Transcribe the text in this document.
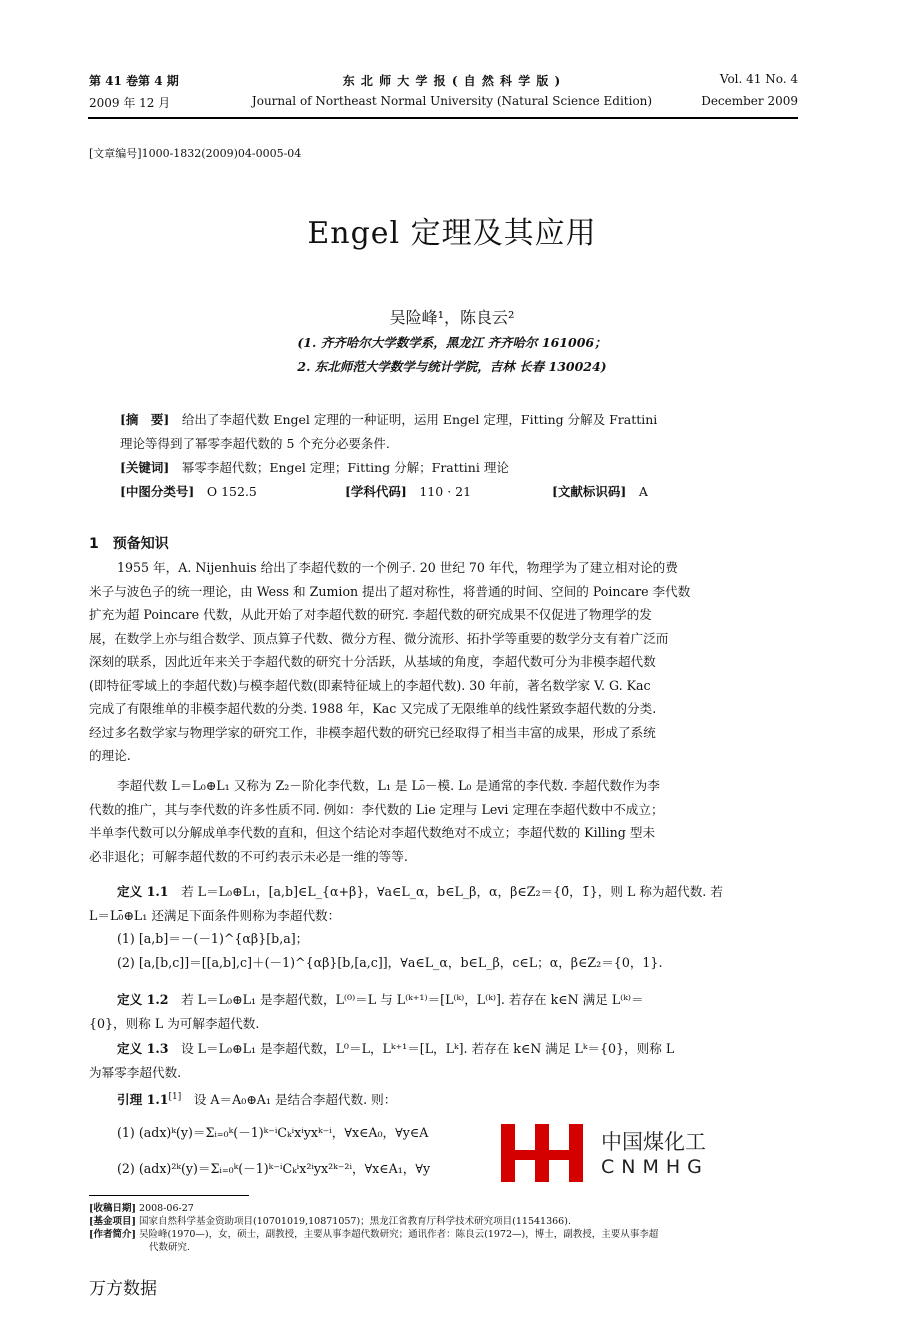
第 41 卷第 4 期	东 北 师 大 学 报 ( 自 然 科 学 版 )	Vol. 41 No. 4
2009 年 12 月	Journal of Northeast Normal University (Natural Science Edition)	December 2009
[文章编号]1000-1832(2009)04-0005-04
Engel 定理及其应用
吴险峰¹，陈良云²
(1. 齐齐哈尔大学数学系，黑龙江 齐齐哈尔 161006；
2. 东北师范大学数学与统计学院，吉林 长春 130024)
[摘　要]　 给出了李超代数 Engel 定理的一种证明，运用 Engel 定理，Fitting 分解及 Frattini
理论等得到了幂零李超代数的 5 个充分必要条件.
[关键词]　 幂零李超代数；Engel 定理；Fitting 分解；Frattini 理论
[中图分类号]　 O 152.5	[学科代码]　 110 · 21	[文献标识码]　 A
1　预备知识
1955 年，A. Nijenhuis 给出了李超代数的一个例子. 20 世纪 70 年代，物理学为了建立相对论的费
米子与波色子的统一理论，由 Wess 和 Zumion 提出了超对称性，将普通的时间、空间的 Poincare 李代数
扩充为超 Poincare 代数，从此开始了对李超代数的研究. 李超代数的研究成果不仅促进了物理学的发
展，在数学上亦与组合数学、顶点算子代数、微分方程、微分流形、拓扑学等重要的数学分支有着广泛而
深刻的联系，因此近年来关于李超代数的研究十分活跃，从基域的角度，李超代数可分为非模李超代数
(即特征零域上的李超代数)与模李超代数(即素特征域上的李超代数). 30 年前，著名数学家 V. G. Kac
完成了有限维单的非模李超代数的分类. 1988 年，Kac 又完成了无限维单的线性紧致李超代数的分类.
经过多名数学家与物理学家的研究工作，非模李超代数的研究已经取得了相当丰富的成果，形成了系统
的理论.
李超代数 L＝L₀⊕L₁ 又称为 Z₂－阶化李代数，L₁ 是 L₀̄－模. L₀ 是通常的李代数. 李超代数作为李
代数的推广，其与李代数的许多性质不同. 例如：李代数的 Lie 定理与 Levi 定理在李超代数中不成立；
半单李代数可以分解成单李代数的直和，但这个结论对李超代数绝对不成立；李超代数的 Killing 型未
必非退化；可解李超代数的不可约表示未必是一维的等等.
定义 1.1　 若 L＝L₀⊕L₁，[a,b]∈L_{α+β}，∀a∈L_α，b∈L_β，α，β∈Z₂＝{0̄，1̄}，则 L 称为超代数. 若
L＝L₀̄⊕L₁ 还满足下面条件则称为李超代数：
(1) [a,b]＝－(－1)^{αβ}[b,a]；
(2) [a,[b,c]]＝[[a,b],c]＋(－1)^{αβ}[b,[a,c]]，∀a∈L_α，b∈L_β，c∈L；α，β∈Z₂＝{0，1}.
定义 1.2　 若 L＝L₀⊕L₁ 是李超代数，L⁽⁰⁾＝L 与 L⁽ᵏ⁺¹⁾＝[L⁽ᵏ⁾，L⁽ᵏ⁾]. 若存在 k∈N 满足 L⁽ᵏ⁾＝
{0}，则称 L 为可解李超代数.
定义 1.3　 设 L＝L₀⊕L₁ 是李超代数，L⁰＝L，Lᵏ⁺¹＝[L，Lᵏ]. 若存在 k∈N 满足 Lᵏ＝{0}，则称 L
为幂零李超代数.
引理 1.1[1]　 设 A＝A₀⊕A₁ 是结合李超代数. 则：
(1) (adx)ᵏ(y)＝Σᵢ₌₀ᵏ(－1)ᵏ⁻ⁱCₖⁱxⁱyxᵏ⁻ⁱ，∀x∈A₀，∀y∈A
(2) (adx)²ᵏ(y)＝Σᵢ₌₀ᵏ(－1)ᵏ⁻ⁱCₖⁱx²ⁱyx²ᵏ⁻²ⁱ，∀x∈A₁，∀y
中国煤化工
CNMHG
[收稿日期] 2008-06-27
[基金项目] 国家自然科学基金资助项目(10701019,10871057)；黑龙江省教育厅科学技术研究项目(11541366).
[作者简介] 吴险峰(1970—)，女，硕士，副教授，主要从事李超代数研究；通讯作者：陈良云(1972—)，博士，副教授，主要从事李超
代数研究.
万方数据
